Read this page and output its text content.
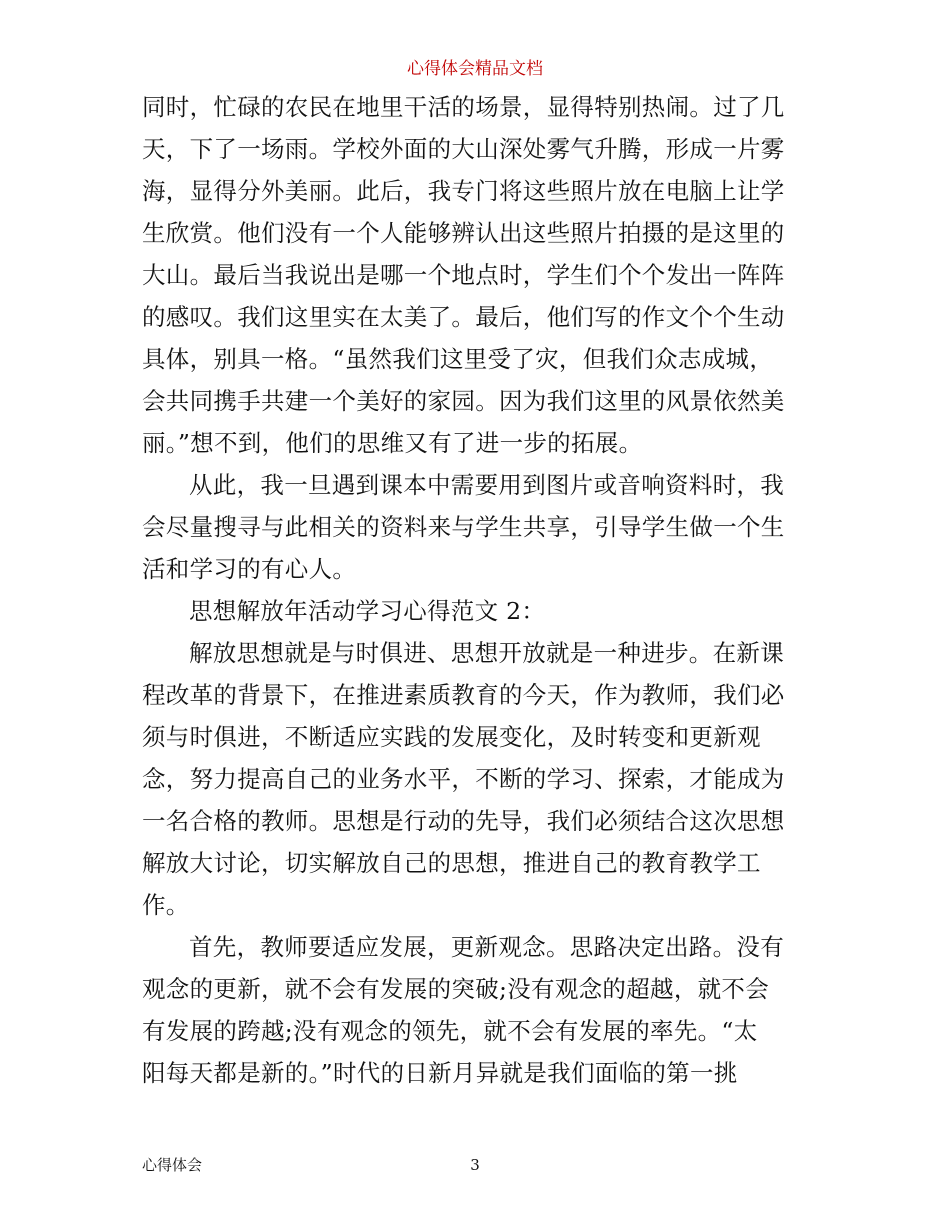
心得体会精品文档
同时，忙碌的农民在地里干活的场景，显得特别热闹。过了几
天，下了一场雨。学校外面的大山深处雾气升腾，形成一片雾
海，显得分外美丽。此后，我专门将这些照片放在电脑上让学
生欣赏。他们没有一个人能够辨认出这些照片拍摄的是这里的
大山。最后当我说出是哪一个地点时，学生们个个发出一阵阵
的感叹。我们这里实在太美了。最后，他们写的作文个个生动
具体，别具一格。“虽然我们这里受了灾，但我们众志成城，
会共同携手共建一个美好的家园。因为我们这里的风景依然美
丽。”想不到，他们的思维又有了进一步的拓展。
从此，我一旦遇到课本中需要用到图片或音响资料时，我
会尽量搜寻与此相关的资料来与学生共享，引导学生做一个生
活和学习的有心人。
思想解放年活动学习心得范文 2：
解放思想就是与时俱进、思想开放就是一种进步。在新课
程改革的背景下，在推进素质教育的今天，作为教师，我们必
须与时俱进，不断适应实践的发展变化，及时转变和更新观
念，努力提高自己的业务水平，不断的学习、探索，才能成为
一名合格的教师。思想是行动的先导，我们必须结合这次思想
解放大讨论，切实解放自己的思想，推进自己的教育教学工
作。
首先，教师要适应发展，更新观念。思路决定出路。没有
观念的更新，就不会有发展的突破;没有观念的超越，就不会
有发展的跨越;没有观念的领先，就不会有发展的率先。“太
阳每天都是新的。”时代的日新月异就是我们面临的第一挑
心得体会	3
